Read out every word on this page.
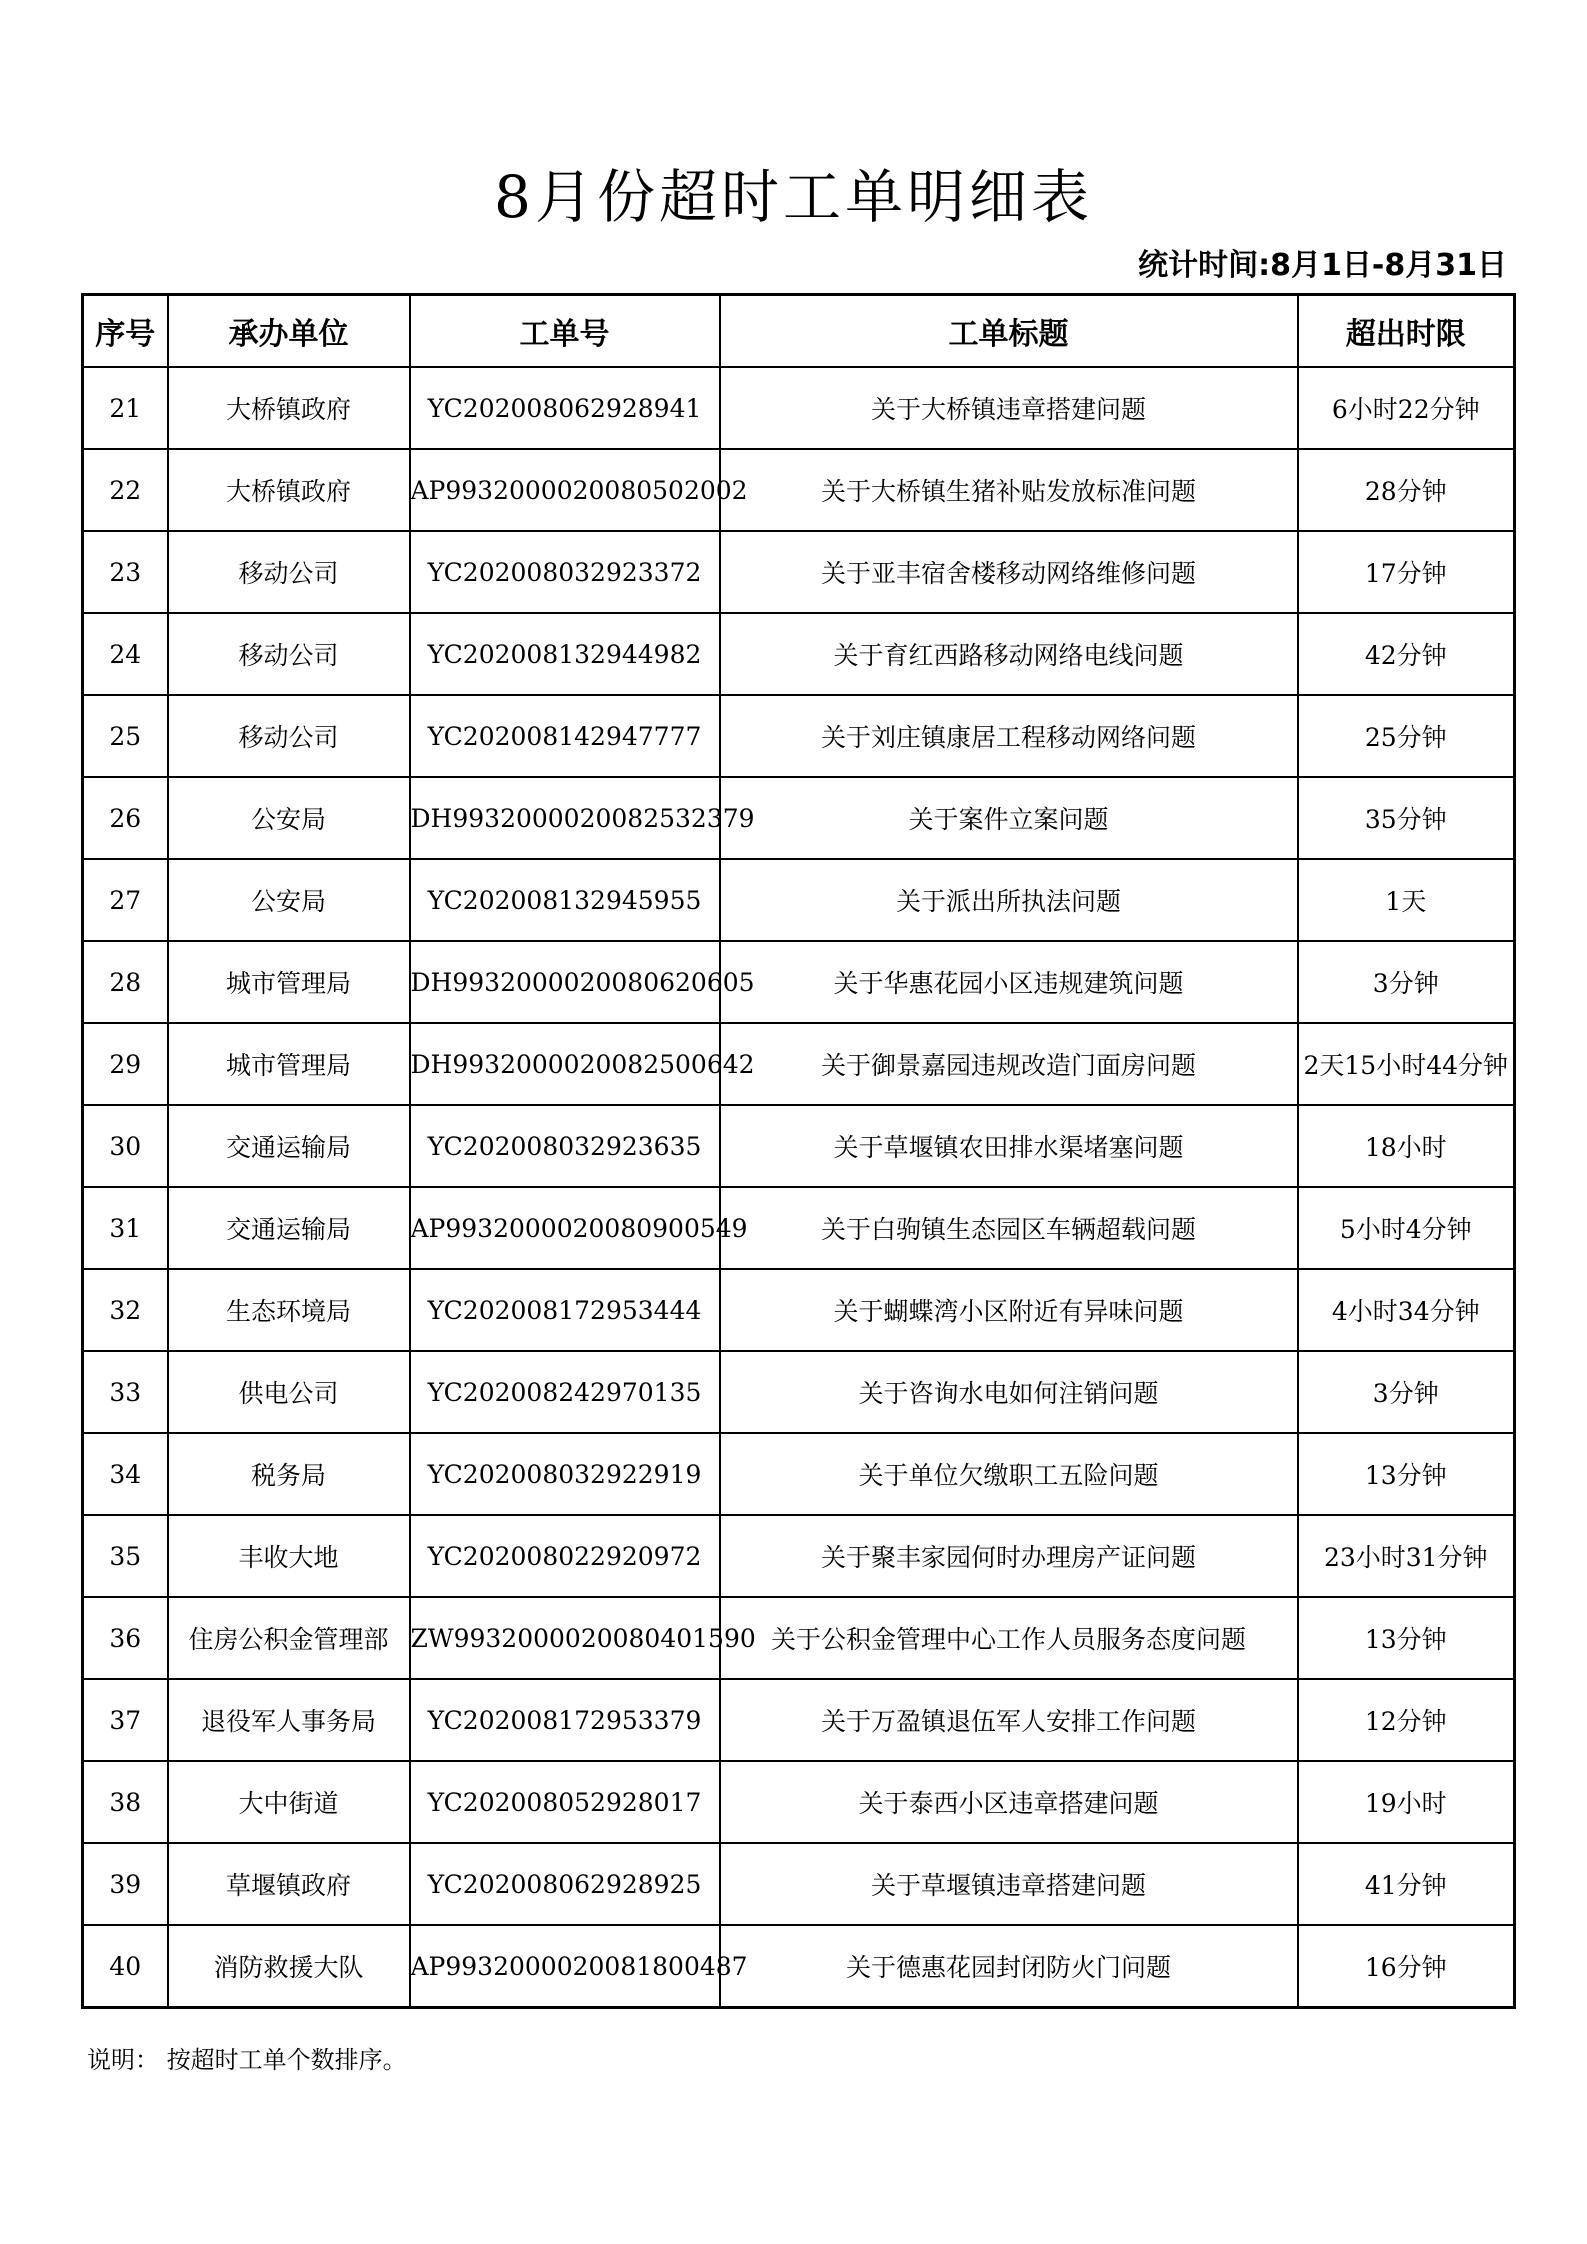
8月份超时工单明细表
统计时间:8月1日-8月31日
序号	承办单位	工单号	工单标题	超出时限
21	大桥镇政府	YC202008062928941	关于大桥镇违章搭建问题	6小时22分钟
22	大桥镇政府	AP9932000020080502002	关于大桥镇生猪补贴发放标准问题	28分钟
23	移动公司	YC202008032923372	关于亚丰宿舍楼移动网络维修问题	17分钟
24	移动公司	YC202008132944982	关于育红西路移动网络电线问题	42分钟
25	移动公司	YC202008142947777	关于刘庄镇康居工程移动网络问题	25分钟
26	公安局	DH9932000020082532379	关于案件立案问题	35分钟
27	公安局	YC202008132945955	关于派出所执法问题	1天
28	城市管理局	DH9932000020080620605	关于华惠花园小区违规建筑问题	3分钟
29	城市管理局	DH9932000020082500642	关于御景嘉园违规改造门面房问题	2天15小时44分钟
30	交通运输局	YC202008032923635	关于草堰镇农田排水渠堵塞问题	18小时
31	交通运输局	AP9932000020080900549	关于白驹镇生态园区车辆超载问题	5小时4分钟
32	生态环境局	YC202008172953444	关于蝴蝶湾小区附近有异味问题	4小时34分钟
33	供电公司	YC202008242970135	关于咨询水电如何注销问题	3分钟
34	税务局	YC202008032922919	关于单位欠缴职工五险问题	13分钟
35	丰收大地	YC202008022920972	关于聚丰家园何时办理房产证问题	23小时31分钟
36	住房公积金管理部	ZW9932000020080401590	关于公积金管理中心工作人员服务态度问题	13分钟
37	退役军人事务局	YC202008172953379	关于万盈镇退伍军人安排工作问题	12分钟
38	大中街道	YC202008052928017	关于泰西小区违章搭建问题	19小时
39	草堰镇政府	YC202008062928925	关于草堰镇违章搭建问题	41分钟
40	消防救援大队	AP9932000020081800487	关于德惠花园封闭防火门问题	16分钟
说明： 按超时工单个数排序。
